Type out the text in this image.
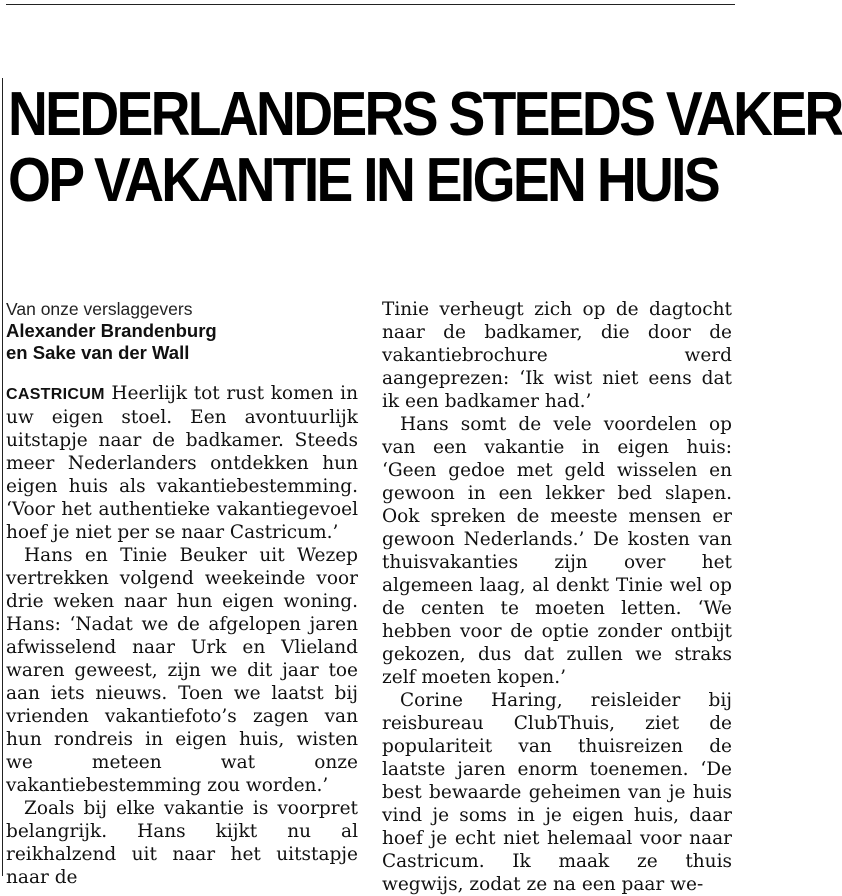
NEDERLANDERS STEEDS VAKER
OP VAKANTIE IN EIGEN HUIS

Van onze verslaggevers

Alexander Brandenburg
en Sake van der Wall

CASTRICUM Heerlijk tot rust komen in uw eigen stoel. Een avontuurlijk uitstapje naar de badkamer. Steeds meer Nederlanders ontdekken hun eigen huis als vakantiebestemming. ‘Voor het authentieke vakantiegevoel hoef je niet per se naar Castricum.’

Hans en Tinie Beuker uit Wezep vertrekken volgend weekeinde voor drie weken naar hun eigen woning. Hans: ‘Nadat we de afgelopen jaren afwisselend naar Urk en Vlieland waren geweest, zijn we dit jaar toe aan iets nieuws. Toen we laatst bij vrienden vakantiefoto’s zagen van hun rondreis in eigen huis, wisten we meteen wat onze vakantiebestemming zou worden.’

Zoals bij elke vakantie is voorpret belangrijk. Hans kijkt nu al reikhalzend uit naar het uitstapje naar de

Tinie verheugt zich op de dagtocht naar de badkamer, die door de vakantiebrochure werd aangeprezen: ‘Ik wist niet eens dat ik een badkamer had.’

Hans somt de vele voordelen op van een vakantie in eigen huis: ‘Geen gedoe met geld wisselen en gewoon in een lekker bed slapen. Ook spreken de meeste mensen er gewoon Nederlands.’ De kosten van thuisvakanties zijn over het algemeen laag, al denkt Tinie wel op de centen te moeten letten. ‘We hebben voor de optie zonder ontbijt gekozen, dus dat zullen we straks zelf moeten kopen.’

Corine Haring, reisleider bij reisbureau ClubThuis, ziet de populariteit van thuisreizen de laatste jaren enorm toenemen. ‘De best bewaarde geheimen van je huis vind je soms in je eigen huis, daar hoef je echt niet helemaal voor naar Castricum. Ik maak ze thuis wegwijs, zodat ze na een paar we-
